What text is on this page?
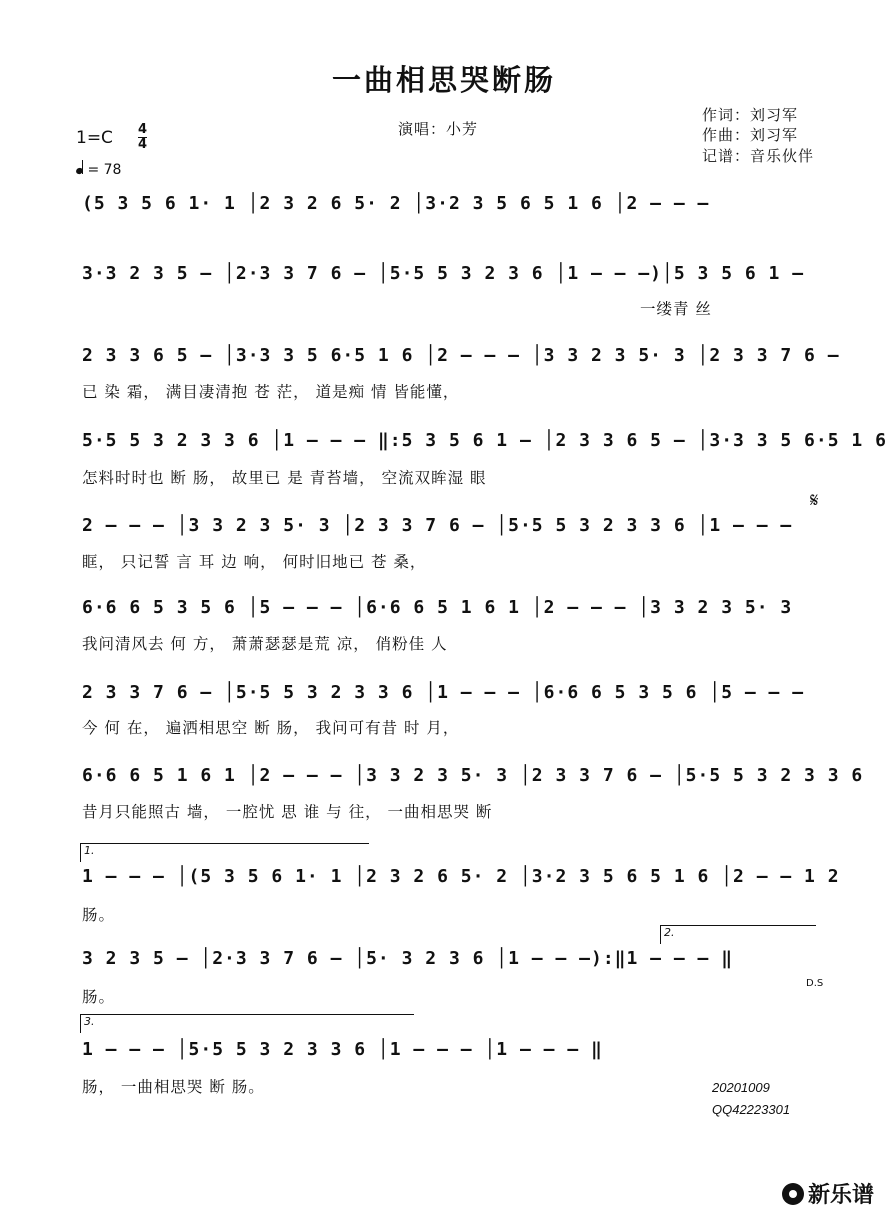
一曲相思哭断肠
演唱：小芳
作词：刘习军
作曲：刘习军
记谱：音乐伙伴
$1=C \frac{4}{4}$
= 78
(5 3 5 6 1· 1 │2 3 2 6 5· 2 │3·2 3 5 6 5 1 6 │2 – – –
3·3 2 3 5 – │2·3 3 7 6 – │5·5 5 3 2 3 6 │1 – – –)│5 3 5 6 1 –
一缕青 丝
2 3 3 6 5 – │3·3 3 5 6·5 1 6 │2 – – – │3 3 2 3 5· 3 │2 3 3 7 6 –
已 染 霜， 满目凄清抱 苍 茫， 道是痴 情 皆能懂，
5·5 5 3 2 3 3 6 │1 – – – ‖:5 3 5 6 1 – │2 3 3 6 5 – │3·3 3 5 6·5 1 6
怎料时时也 断 肠， 故里已 是 青苔墙， 空流双眸湿 眼
𝄋
2 – – – │3 3 2 3 5· 3 │2 3 3 7 6 – │5·5 5 3 2 3 3 6 │1 – – –
眶， 只记誓 言 耳 边 响， 何时旧地已 苍 桑，
6·6 6 5 3 5 6 │5 – – – │6·6 6 5 1 6 1 │2 – – – │3 3 2 3 5· 3
我问清风去 何 方， 萧萧瑟瑟是荒 凉， 俏粉佳 人
2 3 3 7 6 – │5·5 5 3 2 3 3 6 │1 – – – │6·6 6 5 3 5 6 │5 – – –
今 何 在， 遍洒相思空 断 肠， 我问可有昔 时 月，
6·6 6 5 1 6 1 │2 – – – │3 3 2 3 5· 3 │2 3 3 7 6 – │5·5 5 3 2 3 3 6
昔月只能照古 墙， 一腔忧 思 谁 与 往， 一曲相思哭 断
1.
1 – – – │(5 3 5 6 1· 1 │2 3 2 6 5· 2 │3·2 3 5 6 5 1 6 │2 – – 1 2
肠。
2.
3 2 3 5 – │2·3 3 7 6 – │5· 3 2 3 6 │1 – – –):‖1 – – – ‖
肠。
D.S
3.
1 – – – │5·5 5 3 2 3 3 6 │1 – – – │1 – – – ‖
肠， 一曲相思哭 断 肠。	20201009
QQ42223301
新乐谱
